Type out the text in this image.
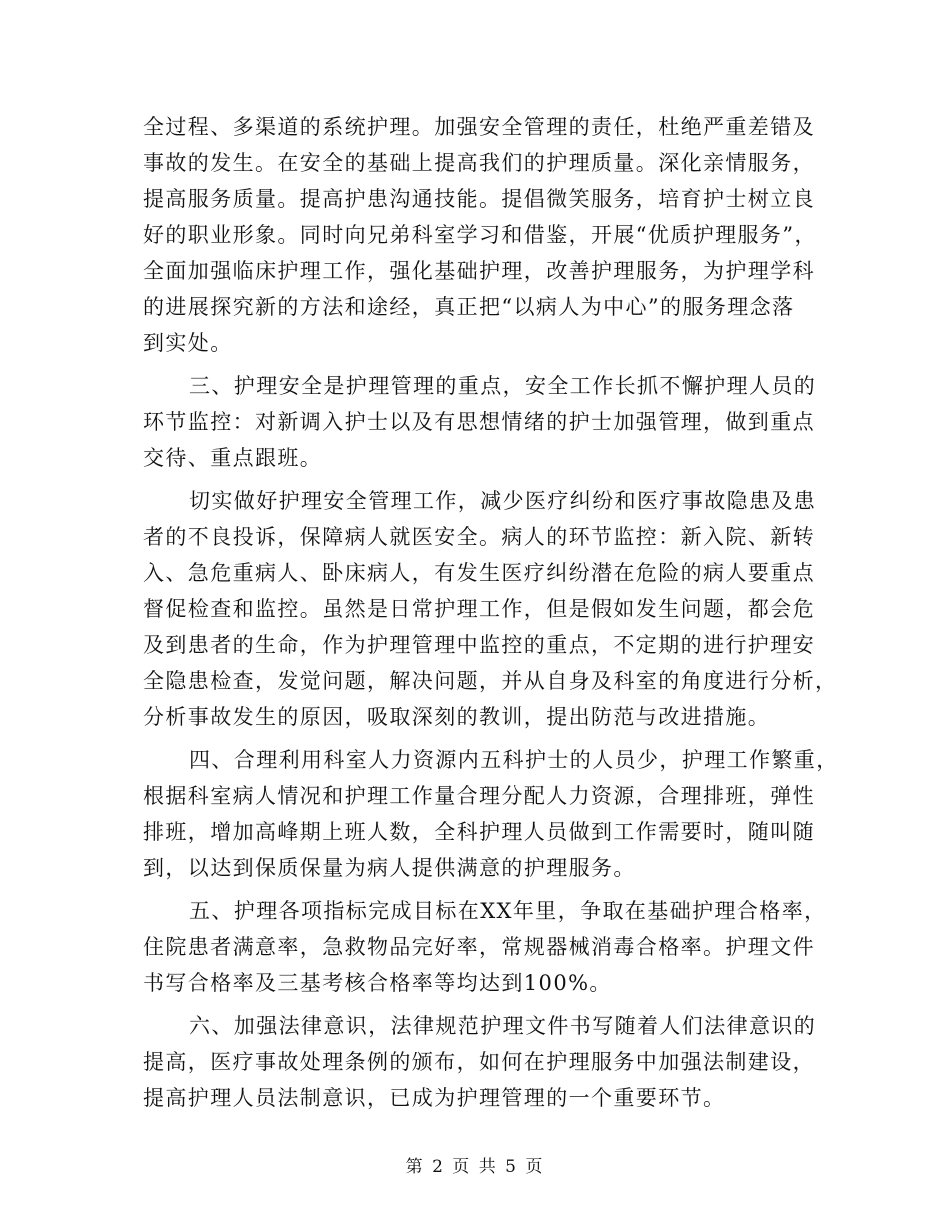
全过程、多渠道的系统护理。加强安全管理的责任，杜绝严重差错及
事故的发生。在安全的基础上提高我们的护理质量。深化亲情服务，
提高服务质量。提高护患沟通技能。提倡微笑服务，培育护士树立良
好的职业形象。同时向兄弟科室学习和借鉴，开展“优质护理服务”，
全面加强临床护理工作，强化基础护理，改善护理服务，为护理学科
的进展探究新的方法和途经，真正把“以病人为中心”的服务理念落
到实处。
三、护理安全是护理管理的重点，安全工作长抓不懈护理人员的
环节监控：对新调入护士以及有思想情绪的护士加强管理，做到重点
交待、重点跟班。
切实做好护理安全管理工作，减少医疗纠纷和医疗事故隐患及患
者的不良投诉，保障病人就医安全。病人的环节监控：新入院、新转
入、急危重病人、卧床病人，有发生医疗纠纷潜在危险的病人要重点
督促检查和监控。虽然是日常护理工作，但是假如发生问题，都会危
及到患者的生命，作为护理管理中监控的重点，不定期的进行护理安
全隐患检查，发觉问题，解决问题，并从自身及科室的角度进行分析，
分析事故发生的原因，吸取深刻的教训，提出防范与改进措施。
四、合理利用科室人力资源内五科护士的人员少，护理工作繁重，
根据科室病人情况和护理工作量合理分配人力资源，合理排班，弹性
排班，增加高峰期上班人数，全科护理人员做到工作需要时，随叫随
到，以达到保质保量为病人提供满意的护理服务。
五、护理各项指标完成目标在XX年里，争取在基础护理合格率，
住院患者满意率，急救物品完好率，常规器械消毒合格率。护理文件
书写合格率及三基考核合格率等均达到100%。
六、加强法律意识，法律规范护理文件书写随着人们法律意识的
提高，医疗事故处理条例的颁布，如何在护理服务中加强法制建设，
提高护理人员法制意识，已成为护理管理的一个重要环节。
第 2 页 共 5 页
